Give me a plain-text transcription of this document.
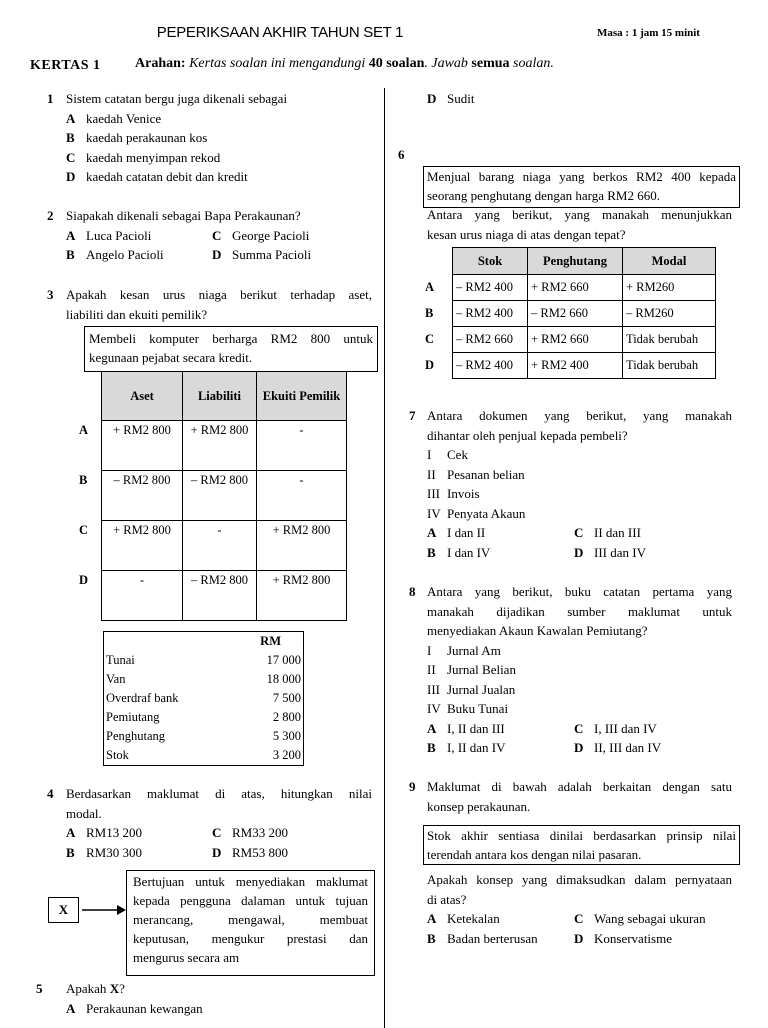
PEPERIKSAAN AKHIR TAHUN SET 1	Masa : 1 jam 15 minit
KERTAS 1 Arahan: Kertas soalan ini mengandungi 40 soalan. Jawab semua soalan.
1 Sistem catatan bergu juga dikenali sebagai
A kaedah Venice
B kaedah perakaunan kos
C kaedah menyimpan rekod
D kaedah catatan debit dan kredit
2 Siapakah dikenali sebagai Bapa Perakaunan?
A Luca Pacioli	C George Pacioli
B Angelo Pacioli	D Summa Pacioli
3 Apakah kesan urus niaga berikut terhadap aset,
liabiliti dan ekuiti pemilik?
Membeli komputer berharga RM2 800 untuk
kegunaan pejabat secara kredit.
	Aset	Liabiliti	Ekuiti Pemilik
A	+ RM2 800	+ RM2 800	-
B	– RM2 800	– RM2 800	-
C	+ RM2 800	-	+ RM2 800
D	-	– RM2 800	+ RM2 800
	RM
Tunai	17 000
Van	18 000
Overdraf bank	7 500
Pemiutang	2 800
Penghutang	5 300
Stok	3 200
4 Berdasarkan maklumat di atas, hitungkan nilai
modal.
A RM13 200	C RM33 200
B RM30 300	D RM53 800
X
Bertujuan untuk menyediakan maklumat
kepada pengguna dalaman untuk tujuan
merancang, mengawal, membuat
keputusan, mengukur prestasi dan
mengurus secara am
5 Apakah X?
A Perakaunan kewangan
D Sudit
6
Menjual barang niaga yang berkos RM2 400 kepada
seorang penghutang dengan harga RM2 660.
Antara yang berikut, yang manakah menunjukkan
kesan urus niaga di atas dengan tepat?
	Stok	Penghutang	Modal
A	– RM2 400	+ RM2 660	+ RM260
B	– RM2 400	– RM2 660	– RM260
C	– RM2 660	+ RM2 660	Tidak berubah
D	– RM2 400	+ RM2 400	Tidak berubah
7 Antara dokumen yang berikut, yang manakah
dihantar oleh penjual kepada pembeli?
I Cek
II Pesanan belian
III Invois
IV Penyata Akaun
A I dan II	C II dan III
B I dan IV	D III dan IV
8 Antara yang berikut, buku catatan pertama yang
manakah dijadikan sumber maklumat untuk
menyediakan Akaun Kawalan Pemiutang?
I Jurnal Am
II Jurnal Belian
III Jurnal Jualan
IV Buku Tunai
A I, II dan III	C I, III dan IV
B I, II dan IV	D II, III dan IV
9 Maklumat di bawah adalah berkaitan dengan satu
konsep perakaunan.
Stok akhir sentiasa dinilai berdasarkan prinsip nilai
terendah antara kos dengan nilai pasaran.
Apakah konsep yang dimaksudkan dalam pernyataan
di atas?
A Ketekalan	C Wang sebagai ukuran
B Badan berterusan	D Konservatisme
